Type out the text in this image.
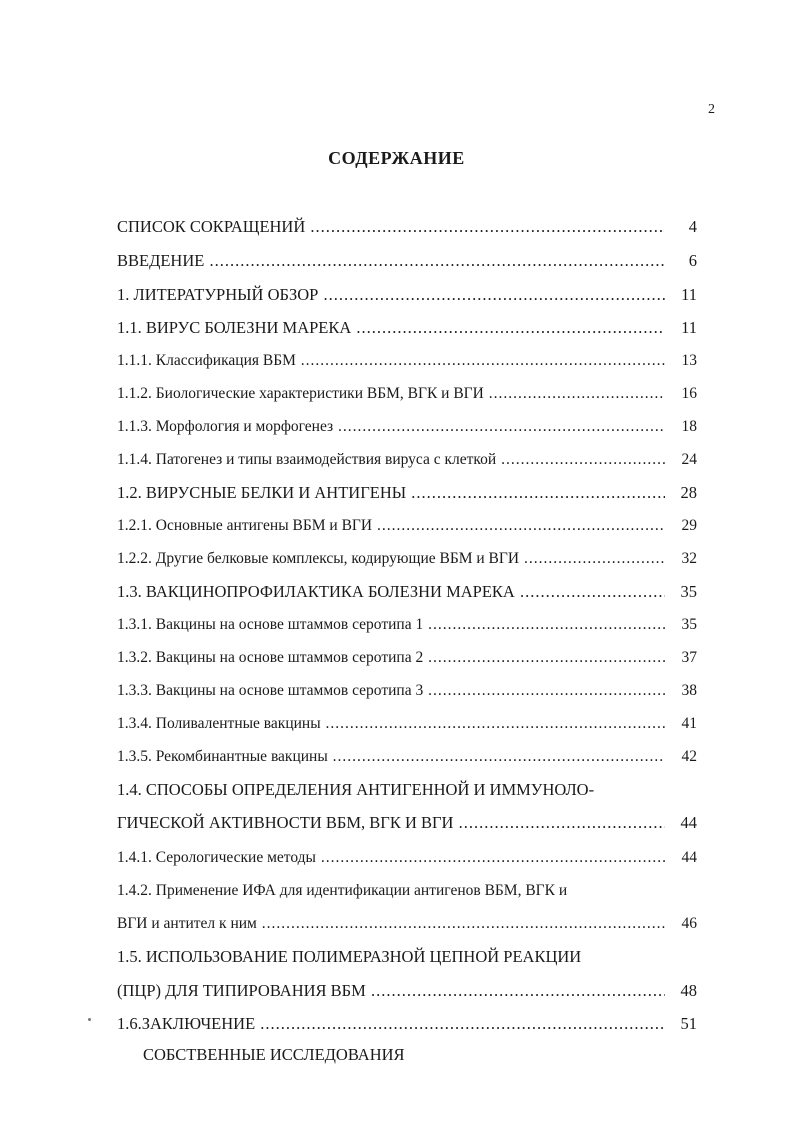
2
СОДЕРЖАНИЕ
СПИСОК СОКРАЩЕНИЙ .....	4
ВВЕДЕНИЕ .....	6
1. ЛИТЕРАТУРНЫЙ ОБЗОР .....	11
1.1. ВИРУС БОЛЕЗНИ МАРЕКА .....	11
1.1.1. Классификация ВБМ .....	13
1.1.2. Биологические характеристики ВБМ, ВГК и ВГИ .....	16
1.1.3. Морфология и морфогенез .....	18
1.1.4. Патогенез и типы взаимодействия вируса с клеткой .....	24
1.2. ВИРУСНЫЕ БЕЛКИ И АНТИГЕНЫ .....	28
1.2.1. Основные антигены ВБМ и ВГИ .....	29
1.2.2. Другие белковые комплексы, кодирующие ВБМ и ВГИ .....	32
1.3. ВАКЦИНОПРОФИЛАКТИКА БОЛЕЗНИ МАРЕКА .....	35
1.3.1. Вакцины на основе штаммов серотипа 1 .....	35
1.3.2. Вакцины на основе штаммов серотипа 2 .....	37
1.3.3. Вакцины на основе штаммов серотипа 3 .....	38
1.3.4. Поливалентные вакцины .....	41
1.3.5. Рекомбинантные вакцины .....	42
1.4. СПОСОБЫ ОПРЕДЕЛЕНИЯ АНТИГЕННОЙ И ИММУНОЛО-
ГИЧЕСКОЙ АКТИВНОСТИ ВБМ, ВГК И ВГИ .....	44
1.4.1. Серологические методы .....	44
1.4.2. Применение ИФА для идентификации антигенов ВБМ, ВГК и
ВГИ и антител к ним .....	46
1.5. ИСПОЛЬЗОВАНИЕ ПОЛИМЕРАЗНОЙ ЦЕПНОЙ РЕАКЦИИ
(ПЦР) ДЛЯ ТИПИРОВАНИЯ ВБМ .....	48
1.6.ЗАКЛЮЧЕНИЕ .....	51
СОБСТВЕННЫЕ ИССЛЕДОВАНИЯ
